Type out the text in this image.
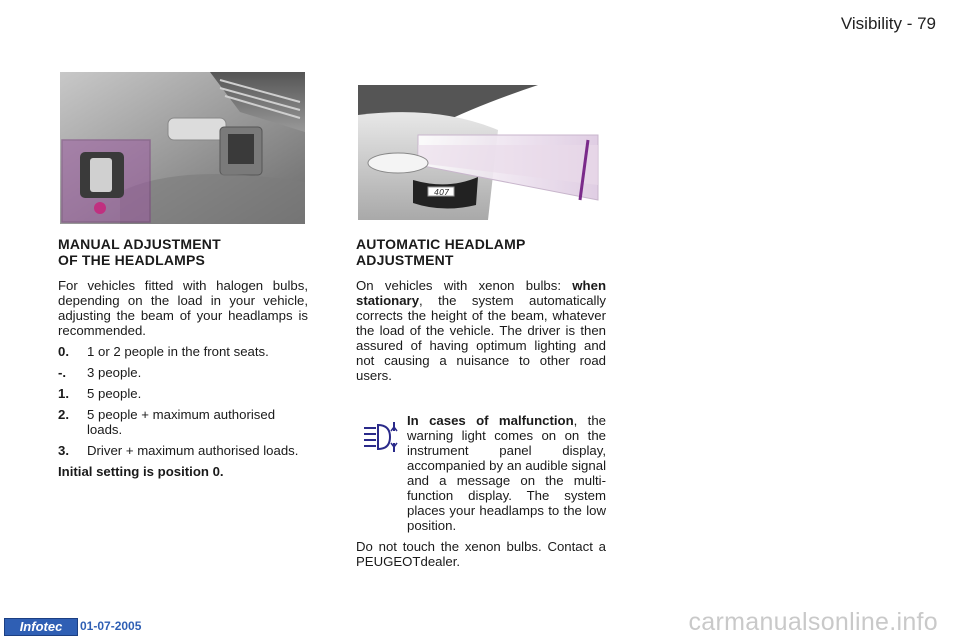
Visibility - 79
407
MANUAL ADJUSTMENT
OF THE HEADLAMPS

For vehicles fitted with halogen bulbs, depending on the load in your vehicle, adjusting the beam of your headlamps is recommended.

0.	1 or 2 people in the front seats.
-.	3 people.
1.	5 people.
2.	5 people + maximum authorised loads.
3.	Driver + maximum authorised loads.

Initial setting is position 0.

AUTOMATIC HEADLAMP
ADJUSTMENT

On vehicles with xenon bulbs: when stationary, the system automatically corrects the height of the beam, whatever the load of the vehicle. The driver is then assured of having optimum lighting and not causing a nuisance to other road users.

In cases of malfunction, the warning light comes on on the instrument panel display, accompanied by an audible signal and a message on the multi-function display. The system places your headlamps to the low position.

Do not touch the xenon bulbs. Contact a PEUGEOTdealer.

Infotec	01-07-2005	carmanualsonline.info
